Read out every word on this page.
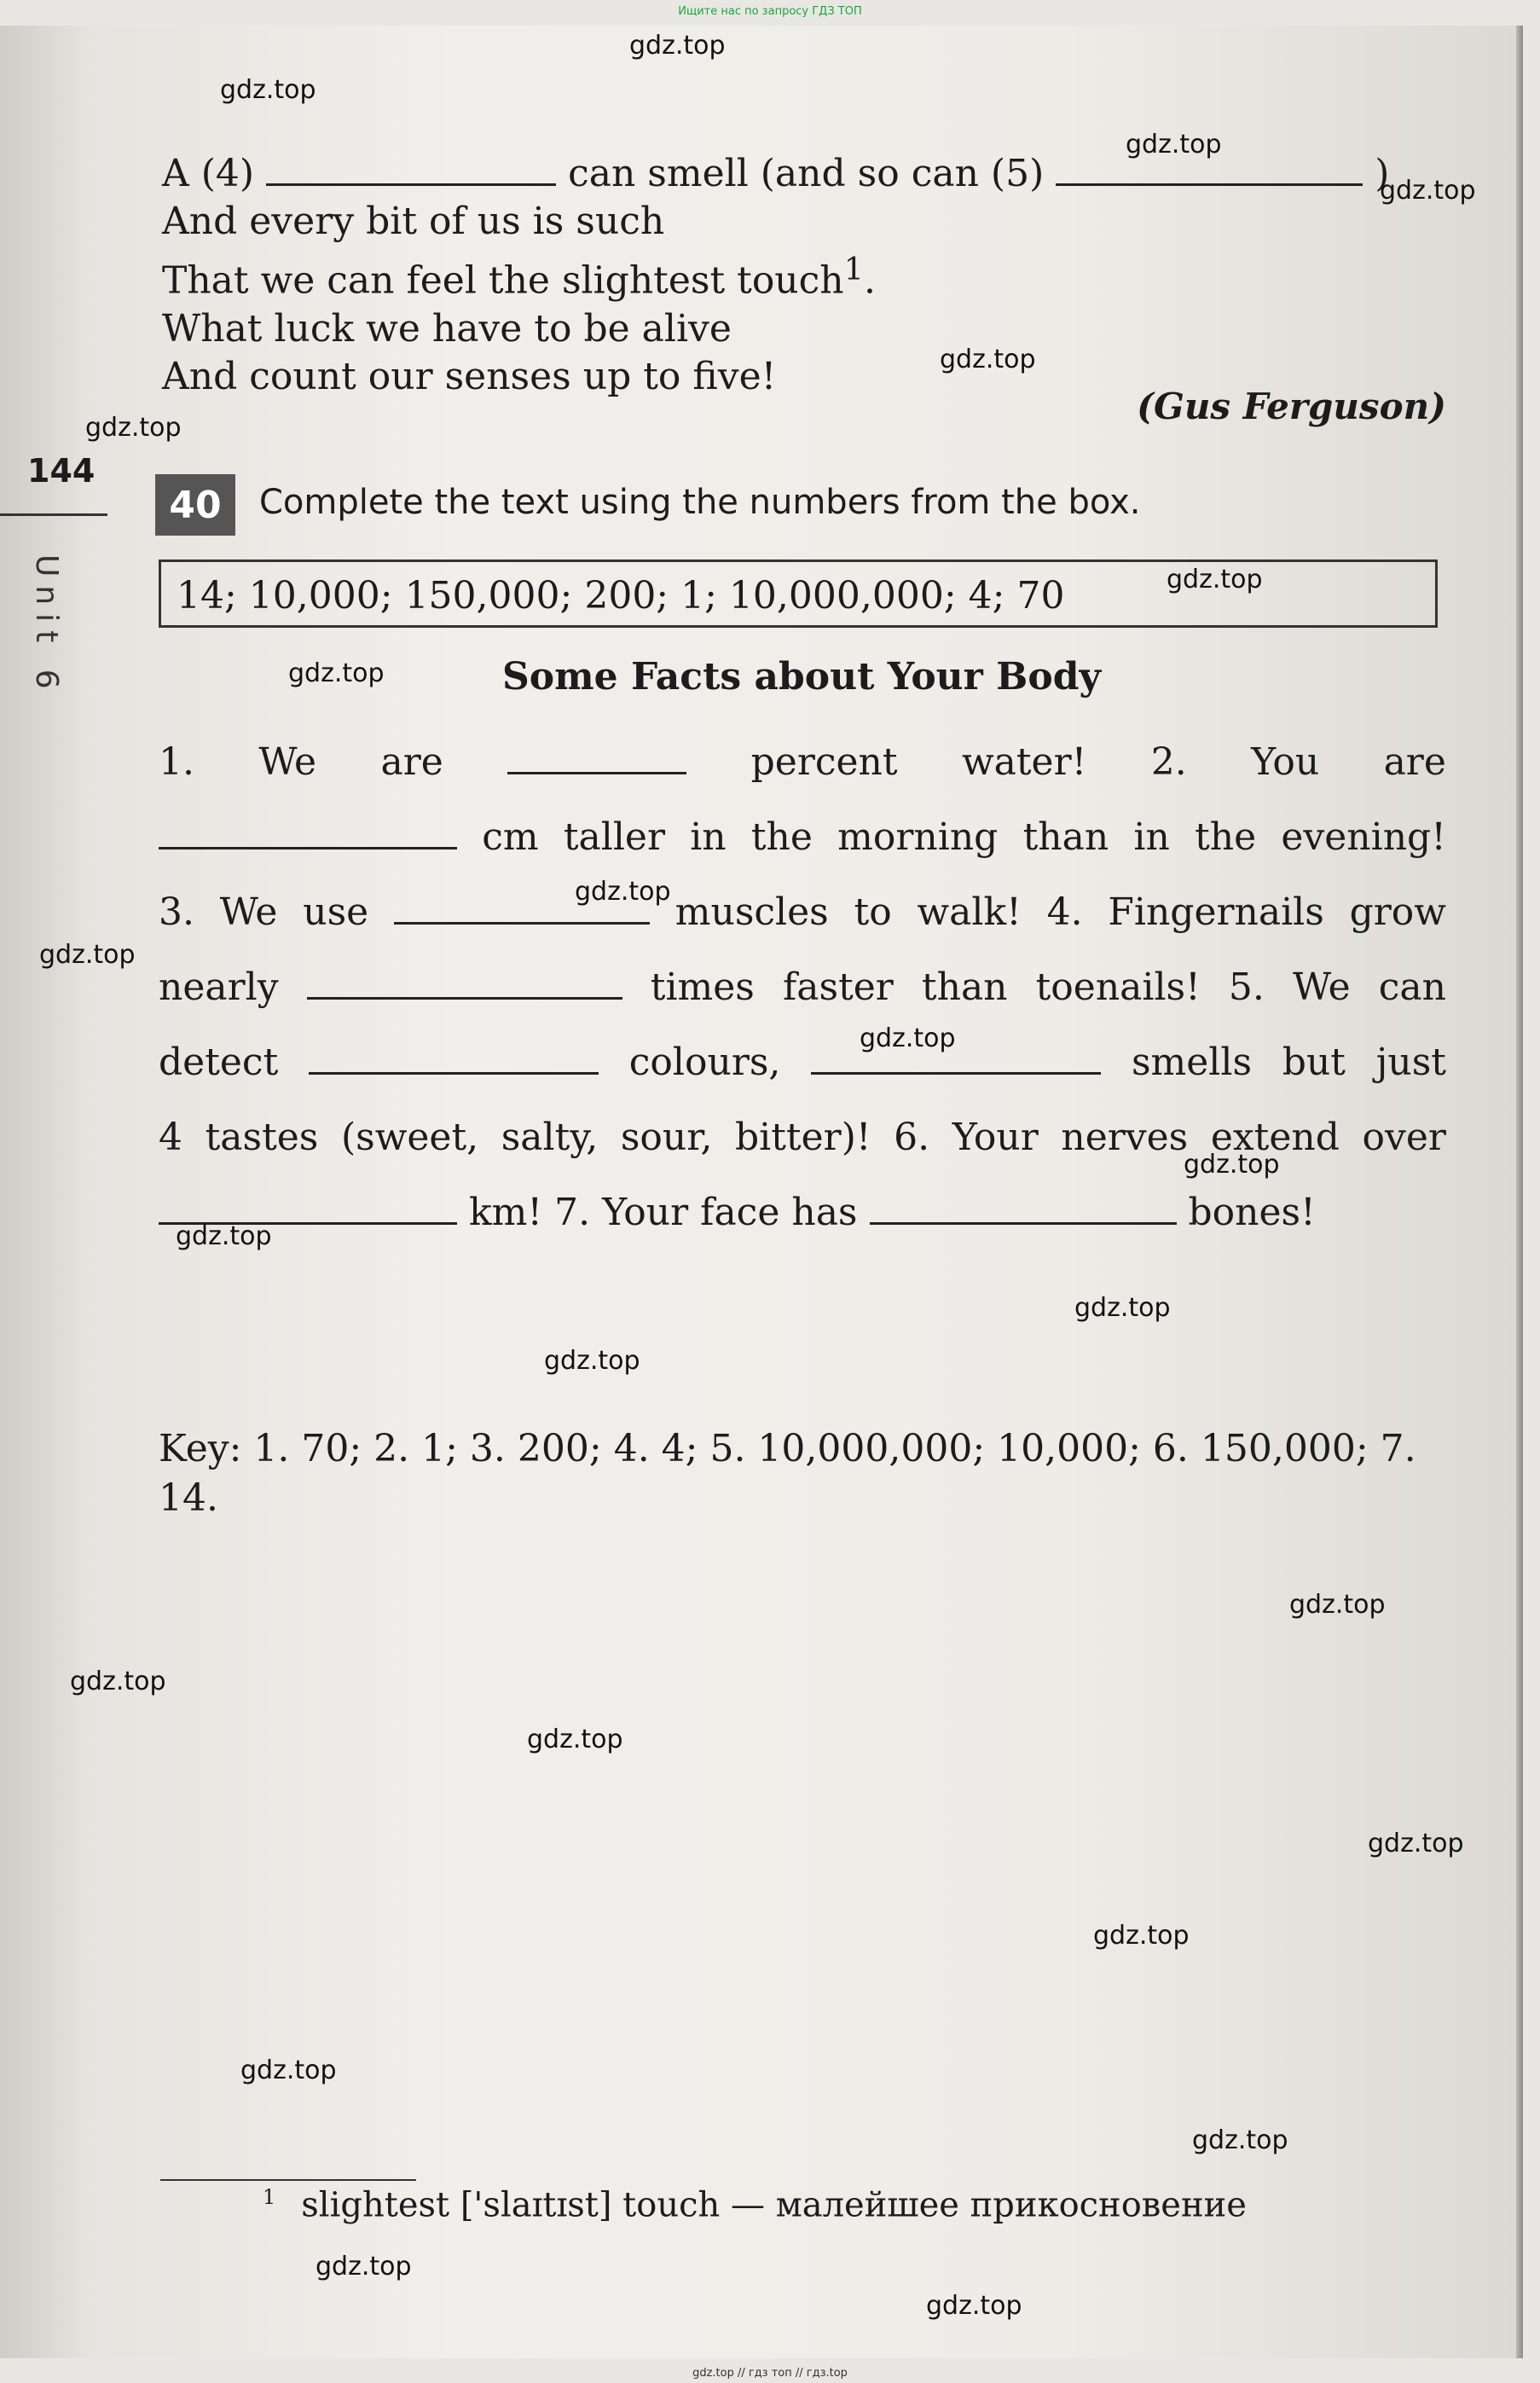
Ищите нас по запросу ГДЗ ТОП
A (4)	can smell (and so can (5)	)
And every bit of us is such
That we can feel the slightest touch$^1$.
What luck we have to be alive
And count our senses up to five!
(Gus Ferguson)
144
Unit 6
40	Complete the text using the numbers from the box.
14; 10,000; 150,000; 200; 1; 10,000,000; 4; 70
Some Facts about Your Body
1. We are	percent water! 2. You are
cm taller in the morning than in the evening!
3. We use	muscles to walk! 4. Fingernails grow
nearly	times faster than toenails! 5. We can
detect	colours,	smells but just
4 tastes (sweet, salty, sour, bitter)! 6. Your nerves extend over
km! 7. Your face has	bones!
Key: 1. 70; 2. 1; 3. 200; 4. 4; 5. 10,000,000; 10,000; 6. 150,000; 7. 14.
$^1$ slightest ['slaɪtɪst] touch — малейшее прикосновение
gdz.top
gdz.top
gdz.top
gdz.top
gdz.top
gdz.top
gdz.top
gdz.top
gdz.top
gdz.top
gdz.top
gdz.top
gdz.top
gdz.top
gdz.top
gdz.top
gdz.top
gdz.top
gdz.top
gdz.top
gdz.top
gdz.top
gdz.top
gdz.top
gdz.top // гдз топ // гдз.top
